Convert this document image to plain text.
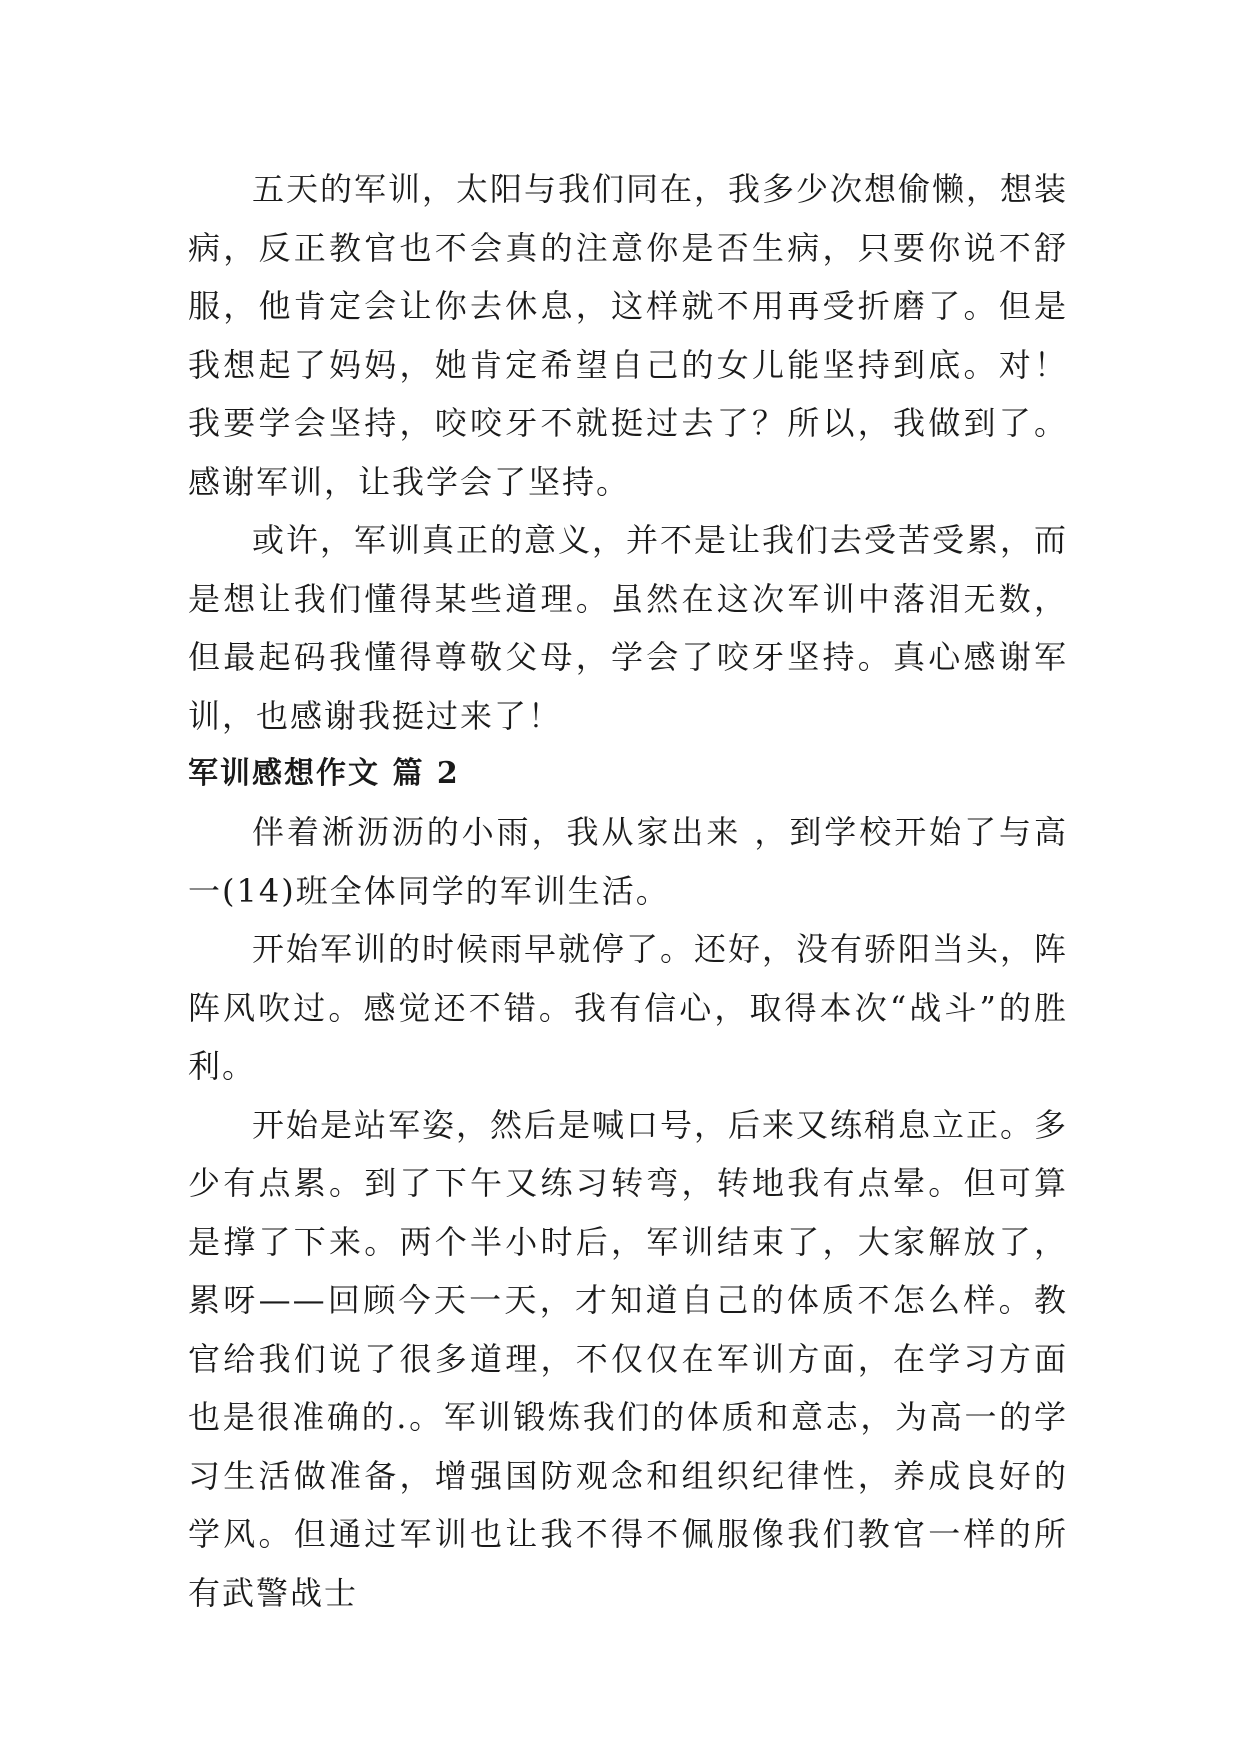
五天的军训，太阳与我们同在，我多少次想偷懒，想装病，反正教官也不会真的注意你是否生病，只要你说不舒服，他肯定会让你去休息，这样就不用再受折磨了。但是我想起了妈妈，她肯定希望自己的女儿能坚持到底。对！我要学会坚持，咬咬牙不就挺过去了？所以，我做到了。感谢军训，让我学会了坚持。

或许，军训真正的意义，并不是让我们去受苦受累，而是想让我们懂得某些道理。虽然在这次军训中落泪无数，但最起码我懂得尊敬父母，学会了咬牙坚持。真心感谢军训，也感谢我挺过来了！

军训感想作文 篇 2

伴着淅沥沥的小雨，我从家出来 ，到学校开始了与高一(14)班全体同学的军训生活。

开始军训的时候雨早就停了。还好，没有骄阳当头，阵阵风吹过。感觉还不错。我有信心，取得本次“战斗”的胜利。

开始是站军姿，然后是喊口号，后来又练稍息立正。多少有点累。到了下午又练习转弯，转地我有点晕。但可算是撑了下来。两个半小时后，军训结束了，大家解放了，累呀——回顾今天一天，才知道自己的体质不怎么样。教官给我们说了很多道理，不仅仅在军训方面，在学习方面也是很准确的.。军训锻炼我们的体质和意志，为高一的学习生活做准备，增强国防观念和组织纪律性，养成良好的学风。但通过军训也让我不得不佩服像我们教官一样的所有武警战士
